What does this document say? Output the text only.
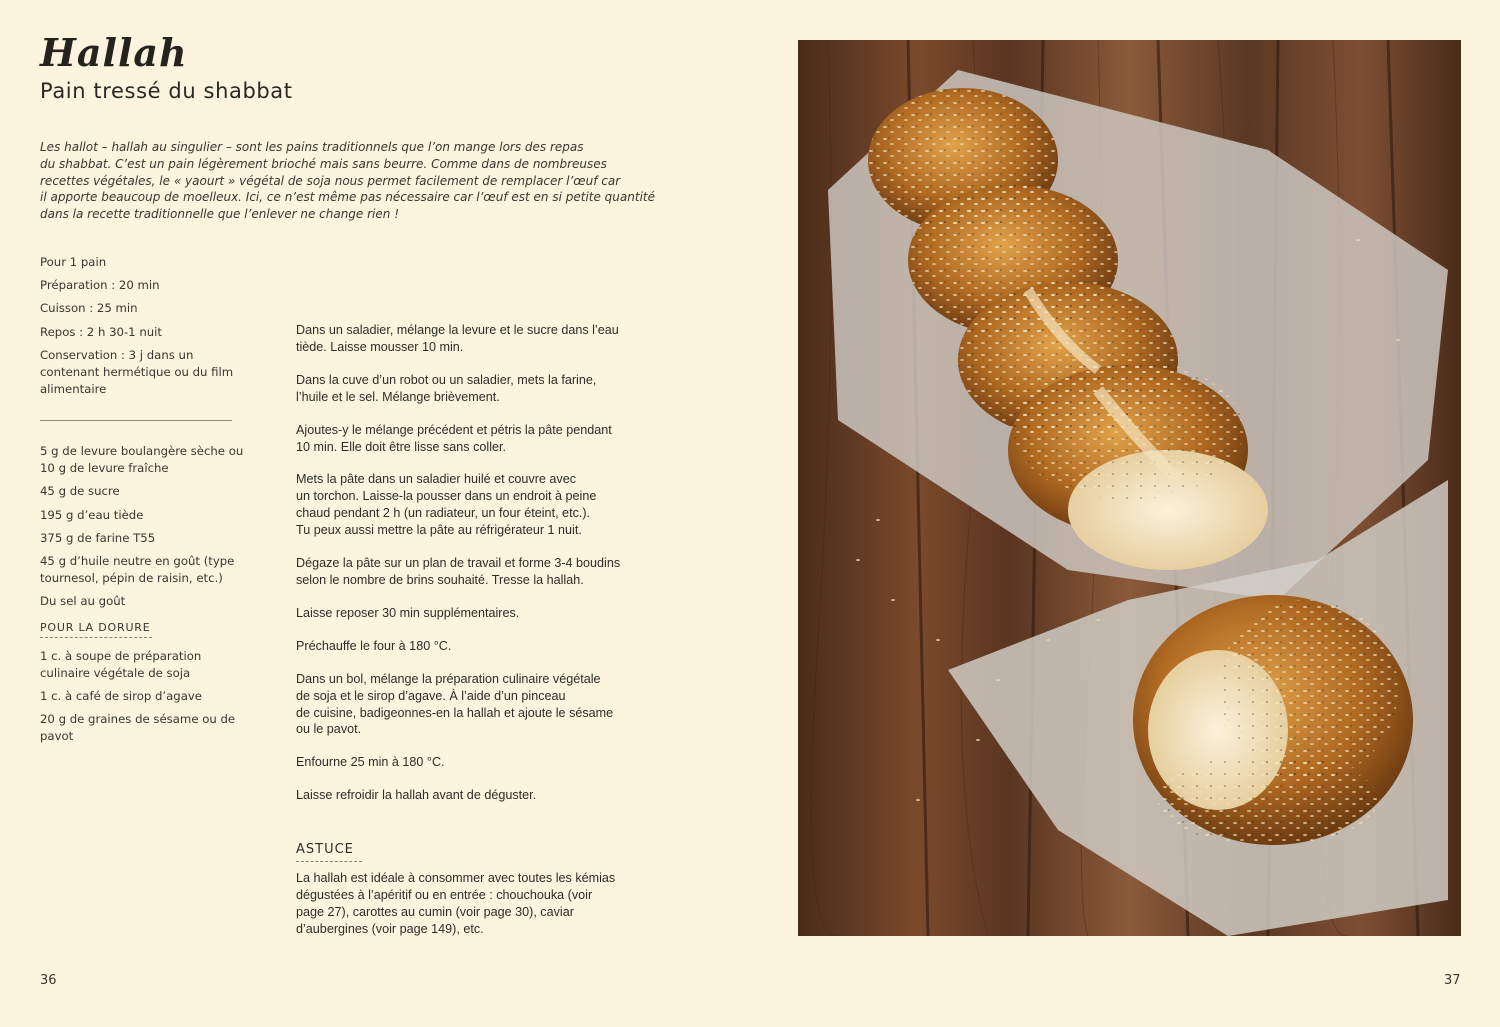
Hallah
Pain tressé du shabbat
Les hallot – hallah au singulier – sont les pains traditionnels que l’on mange lors des repas
du shabbat. C’est un pain légèrement brioché mais sans beurre. Comme dans de nombreuses
recettes végétales, le « yaourt » végétal de soja nous permet facilement de remplacer l’œuf car
il apporte beaucoup de moelleux. Ici, ce n’est même pas nécessaire car l’œuf est en si petite quantité
dans la recette traditionnelle que l’enlever ne change rien !

Pour 1 pain

Préparation : 20 min

Cuisson : 25 min

Repos : 2 h 30-1 nuit

Conservation : 3 j dans un contenant hermétique ou du film alimentaire

5 g de levure boulangère sèche ou 10 g de levure fraîche

45 g de sucre

195 g d’eau tiède

375 g de farine T55

45 g d’huile neutre en goût (type tournesol, pépin de raisin, etc.)

Du sel au goût

POUR LA DORURE

1 c. à soupe de préparation culinaire végétale de soja

1 c. à café de sirop d’agave

20 g de graines de sésame ou de pavot

Dans un saladier, mélange la levure et le sucre dans l’eau
tiède. Laisse mousser 10 min.

Dans la cuve d’un robot ou un saladier, mets la farine,
l’huile et le sel. Mélange brièvement.

Ajoutes-y le mélange précédent et pétris la pâte pendant
10 min. Elle doit être lisse sans coller.

Mets la pâte dans un saladier huilé et couvre avec
un torchon. Laisse-la pousser dans un endroit à peine
chaud pendant 2 h (un radiateur, un four éteint, etc.).
Tu peux aussi mettre la pâte au réfrigérateur 1 nuit.

Dégaze la pâte sur un plan de travail et forme 3-4 boudins
selon le nombre de brins souhaité. Tresse la hallah.

Laisse reposer 30 min supplémentaires.

Préchauffe le four à 180 °C.

Dans un bol, mélange la préparation culinaire végétale
de soja et le sirop d’agave. À l’aide d’un pinceau
de cuisine, badigeonnes-en la hallah et ajoute le sésame
ou le pavot.

Enfourne 25 min à 180 °C.

Laisse refroidir la hallah avant de déguster.

ASTUCE

La hallah est idéale à consommer avec toutes les kémias
dégustées à l’apéritif ou en entrée : chouchouka (voir
page 27), carottes au cumin (voir page 30), caviar
d’aubergines (voir page 149), etc.

36	37
